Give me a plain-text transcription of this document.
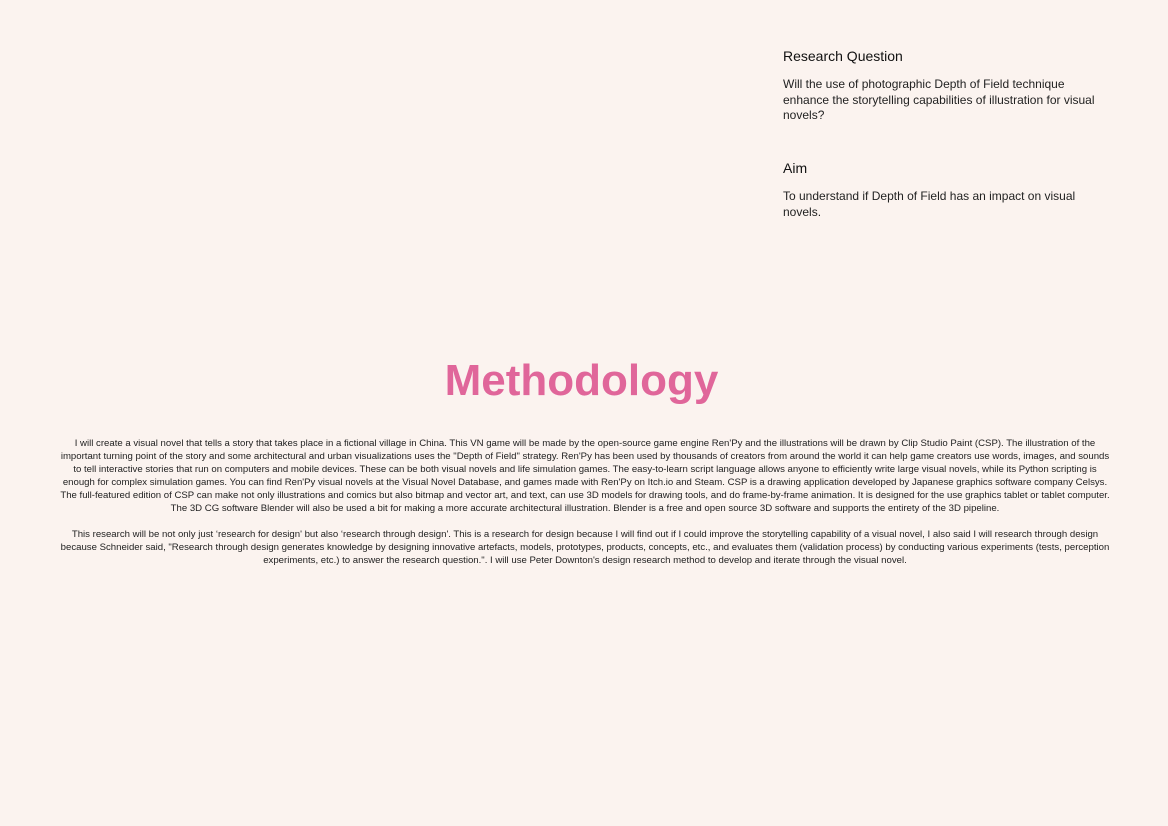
Research Question

Will the use of photographic Depth of Field technique enhance the storytelling capabilities of illustration for visual novels?

Aim

To understand if Depth of Field has an impact on visual novels.

Methodology

I will create a visual novel that tells a story that takes place in a fictional village in China. This VN game will be made by the open-source game engine Ren'Py and the illustrations will be drawn by Clip Studio Paint (CSP). The illustration of the important turning point of the story and some architectural and urban visualizations uses the "Depth of Field" strategy. Ren'Py has been used by thousands of creators from around the world it can help game creators use words, images, and sounds to tell interactive stories that run on computers and mobile devices. These can be both visual novels and life simulation games. The easy-to-learn script language allows anyone to efficiently write large visual novels, while its Python scripting is enough for complex simulation games. You can find Ren'Py visual novels at the Visual Novel Database, and games made with Ren'Py on Itch.io and Steam. CSP is a drawing application developed by Japanese graphics software company Celsys. The full-featured edition of CSP can make not only illustrations and comics but also bitmap and vector art, and text, can use 3D models for drawing tools, and do frame-by-frame animation. It is designed for the use graphics tablet or tablet computer. The 3D CG software Blender will also be used a bit for making a more accurate architectural illustration. Blender is a free and open source 3D software and supports the entirety of the 3D pipeline.

This research will be not only just ‘research for design' but also ‘research through design'. This is a research for design because I will find out if I could improve the storytelling capability of a visual novel, I also said I will research through design because Schneider said, "Research through design generates knowledge by designing innovative artefacts, models, prototypes, products, concepts, etc., and evaluates them (validation process) by conducting various experiments (tests, perception experiments, etc.) to answer the research question.". I will use Peter Downton's design research method to develop and iterate through the visual novel.
